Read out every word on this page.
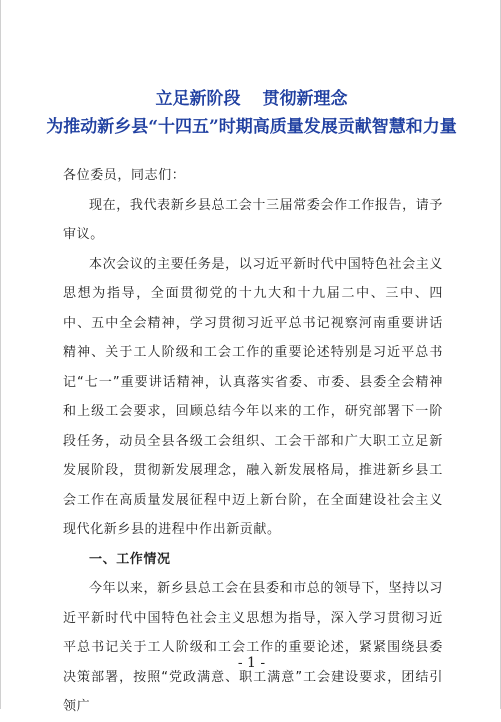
立足新阶段 贯彻新理念
为推动新乡县“十四五”时期高质量发展贡献智慧和力量

各位委员，同志们：

现在，我代表新乡县总工会十三届常委会作工作报告，请予审议。

本次会议的主要任务是，以习近平新时代中国特色社会主义思想为指导，全面贯彻党的十九大和十九届二中、三中、四中、五中全会精神，学习贯彻习近平总书记视察河南重要讲话精神、关于工人阶级和工会工作的重要论述特别是习近平总书记“七一”重要讲话精神，认真落实省委、市委、县委全会精神和上级工会要求，回顾总结今年以来的工作，研究部署下一阶段任务，动员全县各级工会组织、工会干部和广大职工立足新发展阶段，贯彻新发展理念，融入新发展格局，推进新乡县工会工作在高质量发展征程中迈上新台阶，在全面建设社会主义现代化新乡县的进程中作出新贡献。

一、工作情况

今年以来，新乡县总工会在县委和市总的领导下，坚持以习近平新时代中国特色社会主义思想为指导，深入学习贯彻习近平总书记关于工人阶级和工会工作的重要论述，紧紧围绕县委决策部署，按照“党政满意、职工满意”工会建设要求，团结引领广

- 1 -
